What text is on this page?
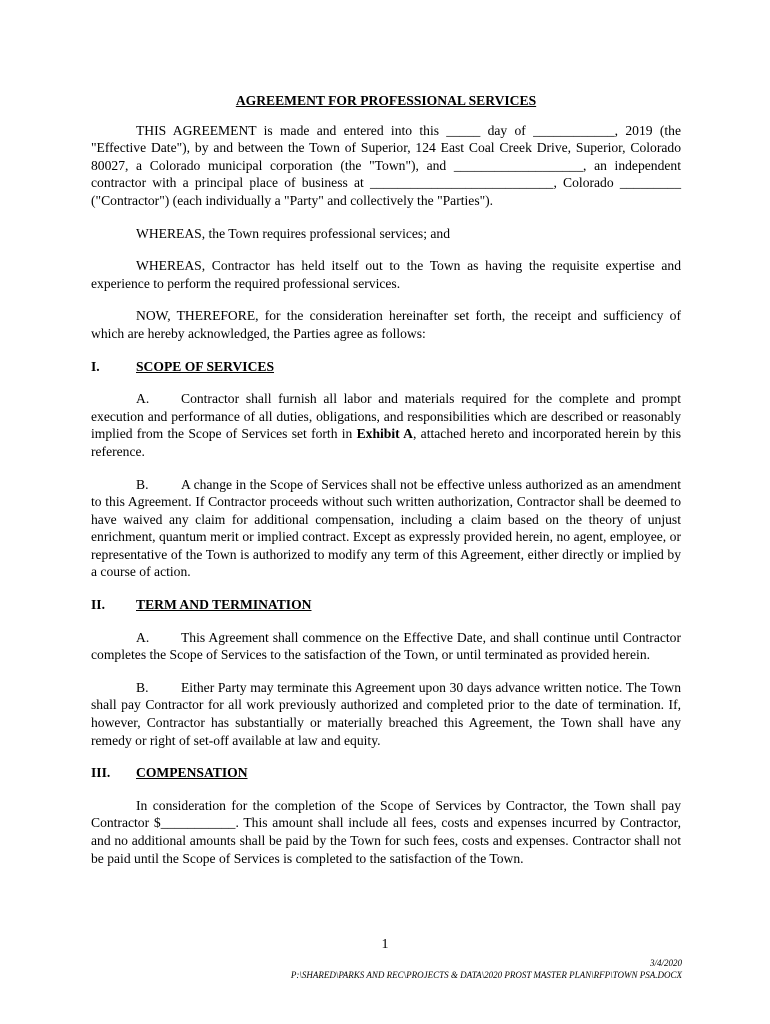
AGREEMENT FOR PROFESSIONAL SERVICES

THIS AGREEMENT is made and entered into this _____ day of ____________, 2019 (the "Effective Date"), by and between the Town of Superior, 124 East Coal Creek Drive, Superior, Colorado 80027, a Colorado municipal corporation (the "Town"), and ___________________, an independent contractor with a principal place of business at ___________________________, Colorado _________ ("Contractor") (each individually a "Party" and collectively the "Parties").

WHEREAS, the Town requires professional services; and

WHEREAS, Contractor has held itself out to the Town as having the requisite expertise and experience to perform the required professional services.

NOW, THEREFORE, for the consideration hereinafter set forth, the receipt and sufficiency of which are hereby acknowledged, the Parties agree as follows:

I.	SCOPE OF SERVICES

A. Contractor shall furnish all labor and materials required for the complete and prompt execution and performance of all duties, obligations, and responsibilities which are described or reasonably implied from the Scope of Services set forth in Exhibit A, attached hereto and incorporated herein by this reference.

B. A change in the Scope of Services shall not be effective unless authorized as an amendment to this Agreement. If Contractor proceeds without such written authorization, Contractor shall be deemed to have waived any claim for additional compensation, including a claim based on the theory of unjust enrichment, quantum merit or implied contract. Except as expressly provided herein, no agent, employee, or representative of the Town is authorized to modify any term of this Agreement, either directly or implied by a course of action.

II.	TERM AND TERMINATION

A. This Agreement shall commence on the Effective Date, and shall continue until Contractor completes the Scope of Services to the satisfaction of the Town, or until terminated as provided herein.

B. Either Party may terminate this Agreement upon 30 days advance written notice. The Town shall pay Contractor for all work previously authorized and completed prior to the date of termination. If, however, Contractor has substantially or materially breached this Agreement, the Town shall have any remedy or right of set-off available at law and equity.

III.	COMPENSATION

In consideration for the completion of the Scope of Services by Contractor, the Town shall pay Contractor $___________. This amount shall include all fees, costs and expenses incurred by Contractor, and no additional amounts shall be paid by the Town for such fees, costs and expenses. Contractor shall not be paid until the Scope of Services is completed to the satisfaction of the Town.

1
3/4/2020
P:\SHARED\PARKS AND REC\PROJECTS & DATA\2020 PROST MASTER PLAN\RFP\TOWN PSA.DOCX
